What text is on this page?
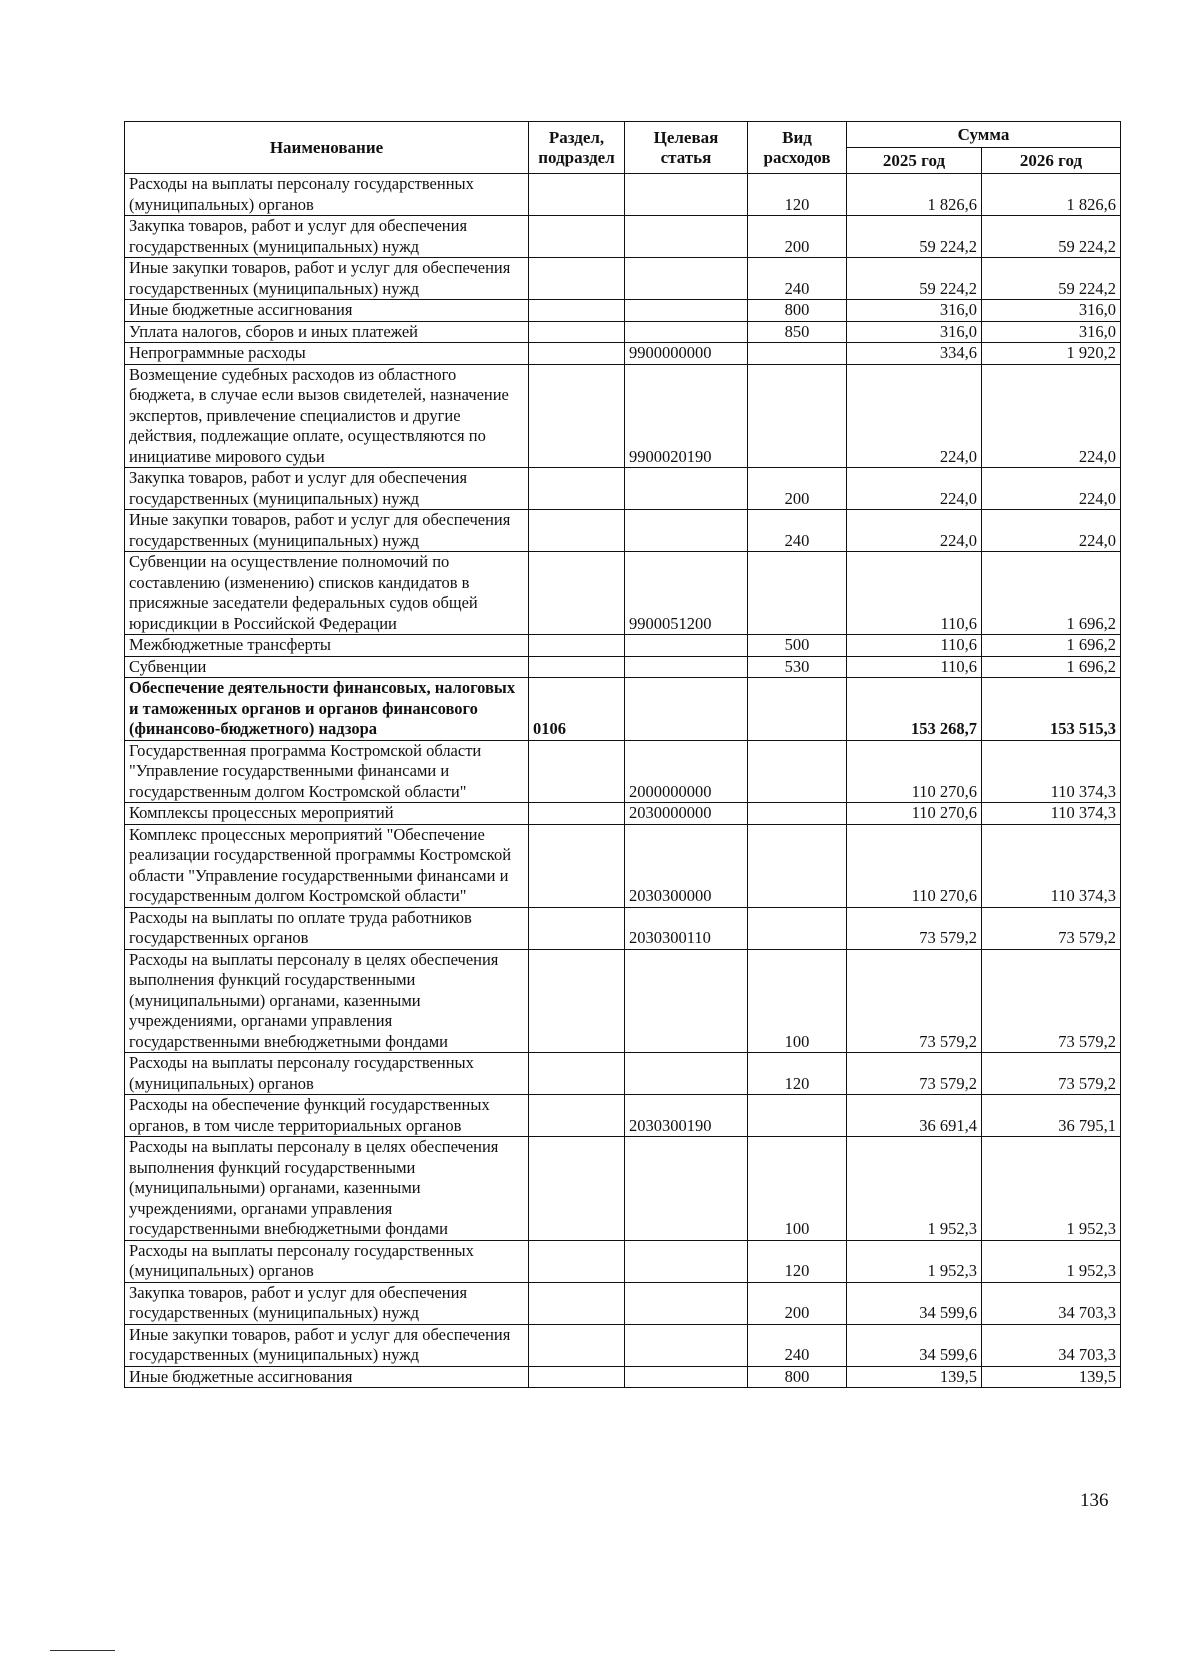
Наименование	Раздел, подраздел	Целевая статья	Вид расходов	Сумма	
				2025 год	2026 год
Расходы на выплаты персоналу государственных (муниципальных) органов			120	1 826,6	1 826,6
Закупка товаров, работ и услуг для обеспечения государственных (муниципальных) нужд			200	59 224,2	59 224,2
Иные закупки товаров, работ и услуг для обеспечения государственных (муниципальных) нужд			240	59 224,2	59 224,2
Иные бюджетные ассигнования			800	316,0	316,0
Уплата налогов, сборов и иных платежей			850	316,0	316,0
Непрограммные расходы		9900000000		334,6	1 920,2
Возмещение судебных расходов из областного бюджета, в случае если вызов свидетелей, назначение экспертов, привлечение специалистов и другие действия, подлежащие оплате, осуществляются по инициативе мирового судьи		9900020190		224,0	224,0
Закупка товаров, работ и услуг для обеспечения государственных (муниципальных) нужд			200	224,0	224,0
Иные закупки товаров, работ и услуг для обеспечения государственных (муниципальных) нужд			240	224,0	224,0
Субвенции на осуществление полномочий по составлению (изменению) списков кандидатов в присяжные заседатели федеральных судов общей юрисдикции в Российской Федерации		9900051200		110,6	1 696,2
Межбюджетные трансферты			500	110,6	1 696,2
Субвенции			530	110,6	1 696,2
Обеспечение деятельности финансовых, налоговых и таможенных органов и органов финансового (финансово-бюджетного) надзора	0106			153 268,7	153 515,3
Государственная программа Костромской области "Управление государственными финансами и государственным долгом Костромской области"		2000000000		110 270,6	110 374,3
Комплексы процессных мероприятий		2030000000		110 270,6	110 374,3
Комплекс процессных мероприятий "Обеспечение реализации государственной программы Костромской области "Управление государственными финансами и государственным долгом Костромской области"		2030300000		110 270,6	110 374,3
Расходы на выплаты по оплате труда работников государственных органов		2030300110		73 579,2	73 579,2
Расходы на выплаты персоналу в целях обеспечения выполнения функций государственными (муниципальными) органами, казенными учреждениями, органами управления государственными внебюджетными фондами			100	73 579,2	73 579,2
Расходы на выплаты персоналу государственных (муниципальных) органов			120	73 579,2	73 579,2
Расходы на обеспечение функций государственных органов, в том числе территориальных органов		2030300190		36 691,4	36 795,1
Расходы на выплаты персоналу в целях обеспечения выполнения функций государственными (муниципальными) органами, казенными учреждениями, органами управления государственными внебюджетными фондами			100	1 952,3	1 952,3
Расходы на выплаты персоналу государственных (муниципальных) органов			120	1 952,3	1 952,3
Закупка товаров, работ и услуг для обеспечения государственных (муниципальных) нужд			200	34 599,6	34 703,3
Иные закупки товаров, работ и услуг для обеспечения государственных (муниципальных) нужд			240	34 599,6	34 703,3
Иные бюджетные ассигнования			800	139,5	139,5
136
